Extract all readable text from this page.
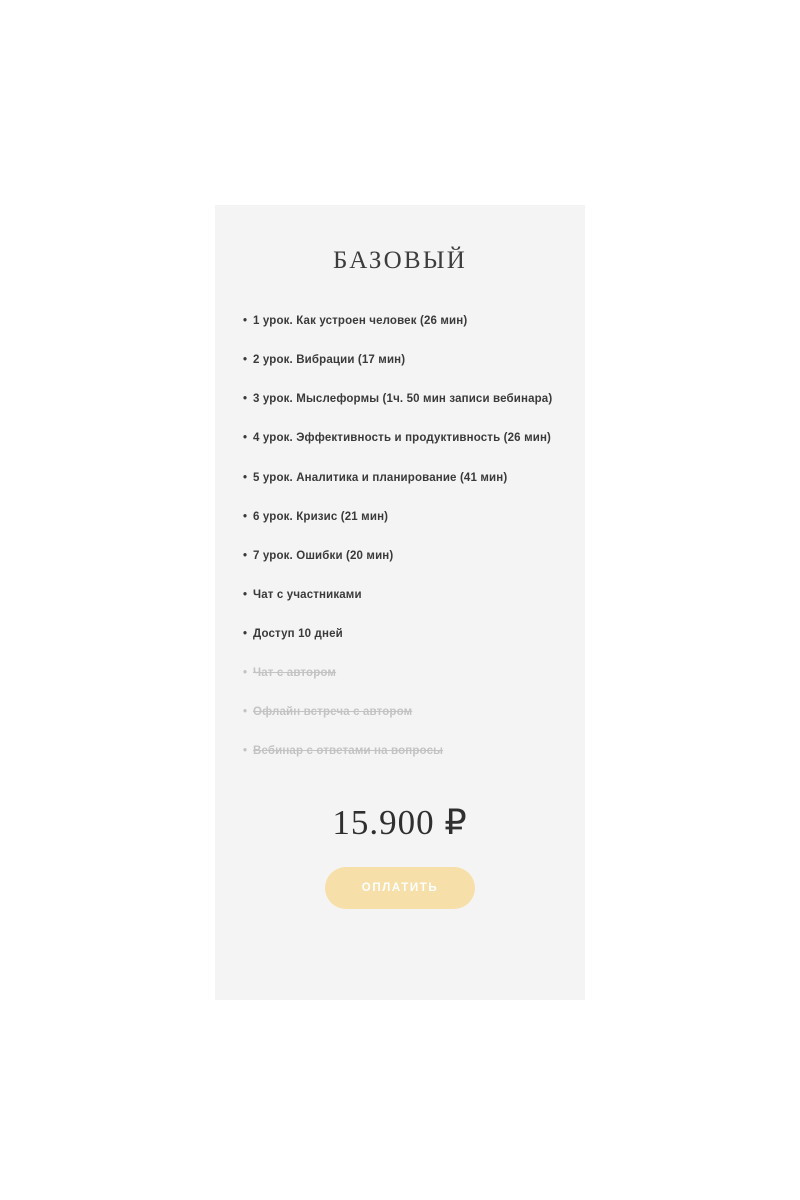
БАЗОВЫЙ
• 1 урок. Как устроен человек (26 мин)
• 2 урок. Вибрации (17 мин)
• 3 урок. Мыслеформы (1ч. 50 мин записи вебинара)
• 4 урок. Эффективность и продуктивность (26 мин)
• 5 урок. Аналитика и планирование (41 мин)
• 6 урок. Кризис (21 мин)
• 7 урок. Ошибки (20 мин)
• Чат с участниками
• Доступ 10 дней
• Чат с автором
• Офлайн встреча с автором
• Вебинар с ответами на вопросы
15.900 ₽
ОПЛАТИТЬ
